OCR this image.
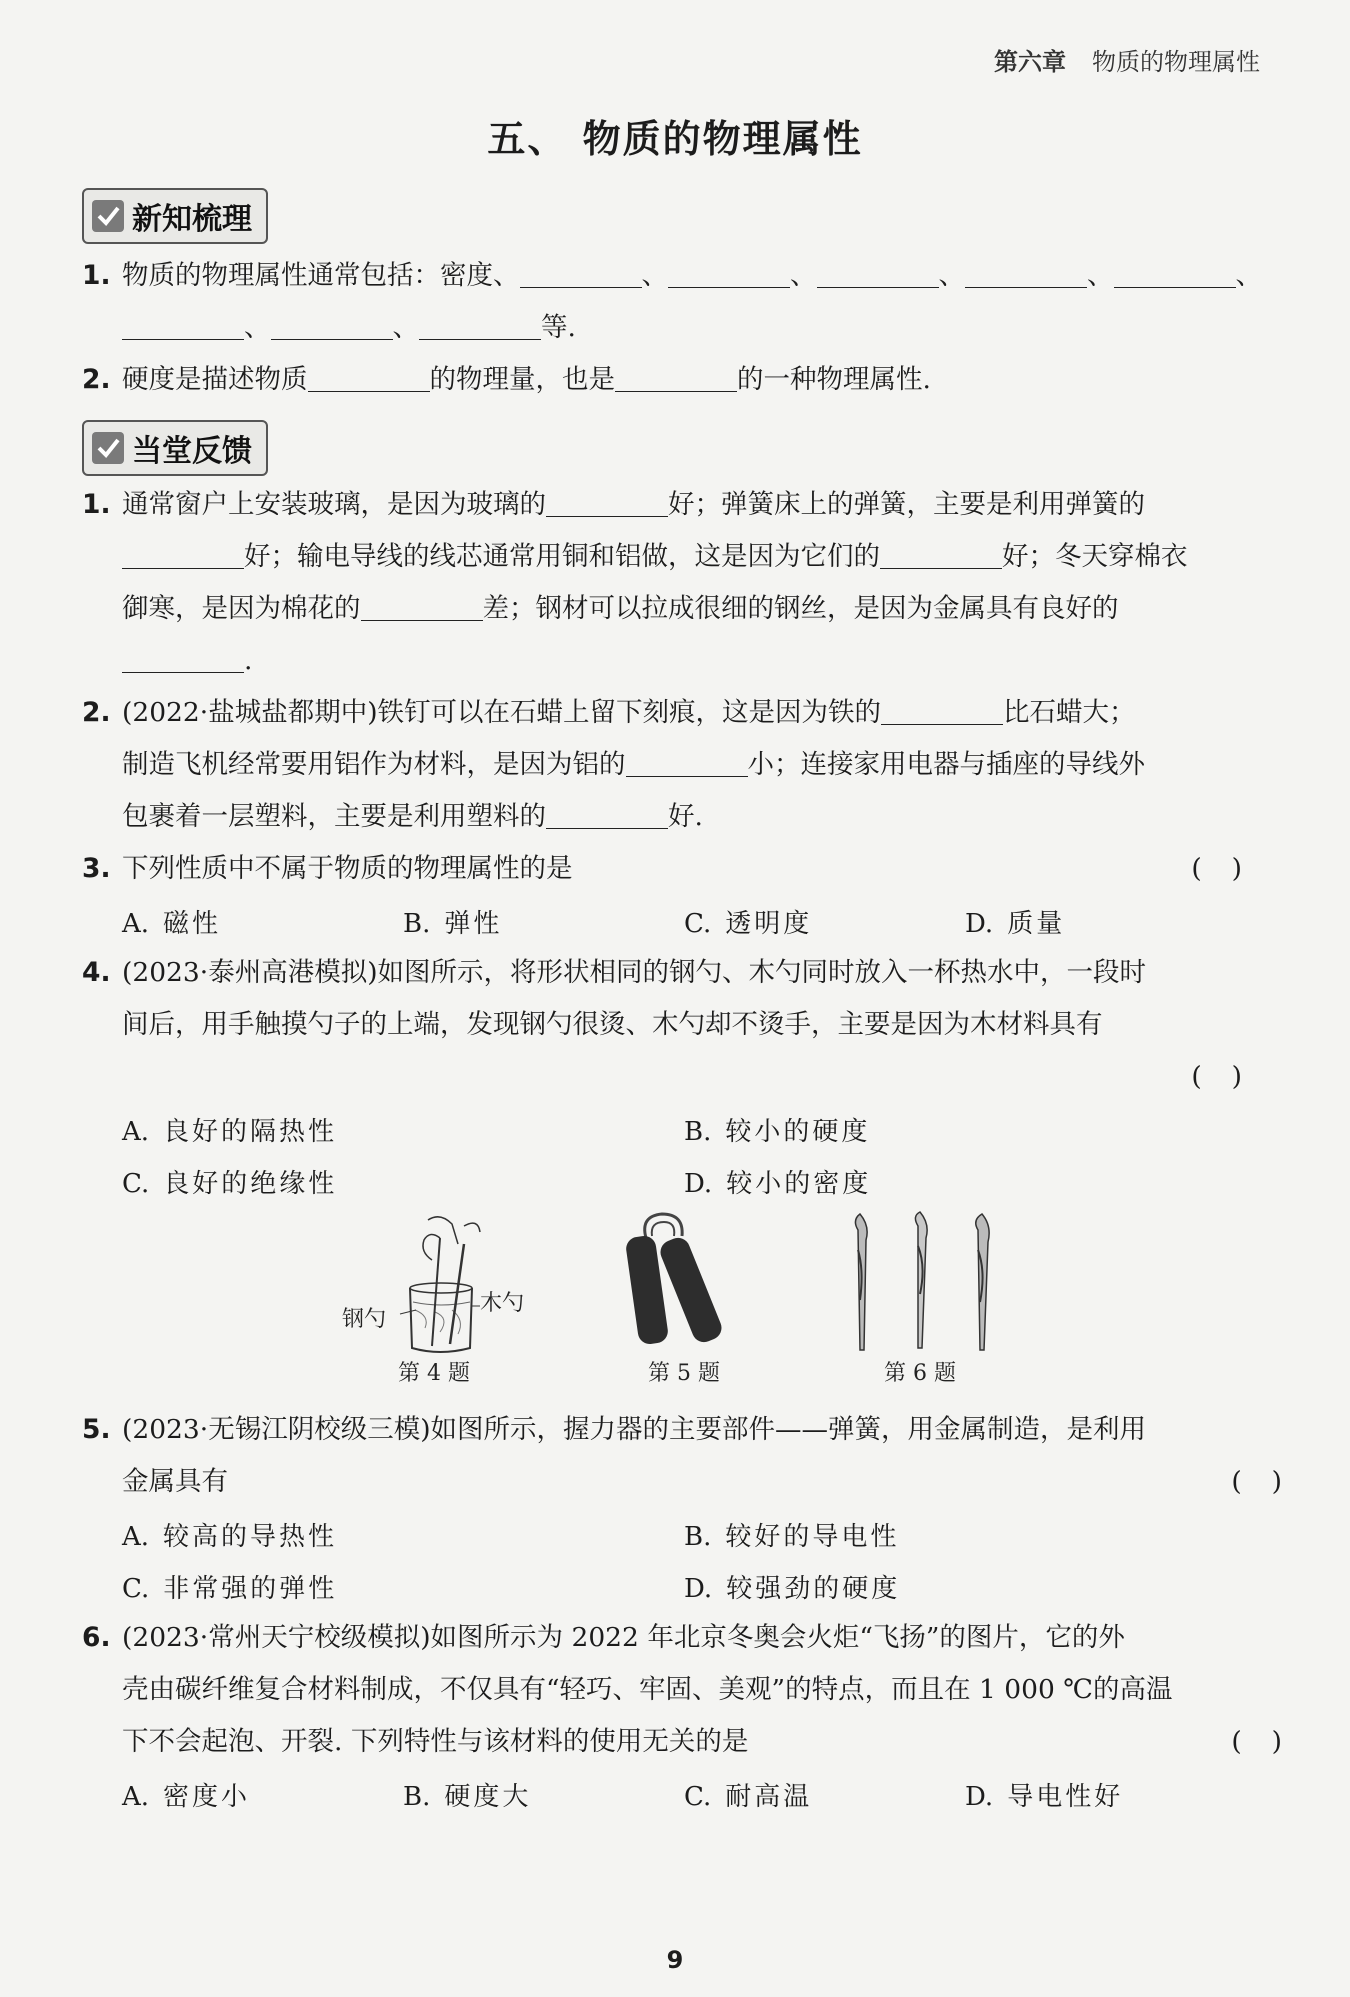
第六章 物质的物理属性
五、 物质的物理属性
新知梳理
1. 物质的物理属性通常包括：密度、	、	、	、	、	、
、	、	等.
2. 硬度是描述物质	的物理量，也是	的一种物理属性.
当堂反馈
1. 通常窗户上安装玻璃，是因为玻璃的	好；弹簧床上的弹簧，主要是利用弹簧的
好；输电导线的线芯通常用铜和铝做，这是因为它们的	好；冬天穿棉衣
御寒，是因为棉花的	差；钢材可以拉成很细的钢丝，是因为金属具有良好的
.
2. (2022·盐城盐都期中)铁钉可以在石蜡上留下刻痕，这是因为铁的	比石蜡大；
制造飞机经常要用铝作为材料，是因为铝的	小；连接家用电器与插座的导线外
包裹着一层塑料，主要是利用塑料的	好.
3. 下列性质中不属于物质的物理属性的是	()
A. 磁性	B. 弹性	C. 透明度	D. 质量
4. (2023·泰州高港模拟)如图所示，将形状相同的钢勺、木勺同时放入一杯热水中，一段时
间后，用手触摸勺子的上端，发现钢勺很烫、木勺却不烫手，主要是因为木材料具有
()
A. 良好的隔热性	B. 较小的硬度
C. 良好的绝缘性	D. 较小的密度
钢勺
木勺
第 4 题	第 5 题	第 6 题
5. (2023·无锡江阴校级三模)如图所示，握力器的主要部件——弹簧，用金属制造，是利用
金属具有	()
A. 较高的导热性	B. 较好的导电性
C. 非常强的弹性	D. 较强劲的硬度
6. (2023·常州天宁校级模拟)如图所示为 2022 年北京冬奥会火炬“飞扬”的图片，它的外
壳由碳纤维复合材料制成，不仅具有“轻巧、牢固、美观”的特点，而且在 1 000 ℃的高温
下不会起泡、开裂. 下列特性与该材料的使用无关的是	()
A. 密度小	B. 硬度大	C. 耐高温	D. 导电性好
9
